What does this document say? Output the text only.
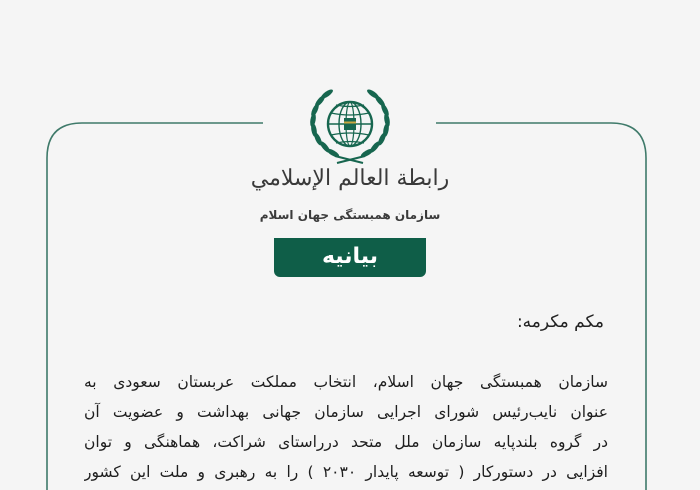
رابطة العالم الإسلامي
سازمان همبستگی جهان اسلام
بیانیه
مکم مکرمه:
سازمان همبستگی جهان اسلام، انتخاب مملکت عربستان سعودی به
عنوان نایب‌رئیس شورای اجرایی سازمان جهانی بهداشت و عضویت آن
در گروه بلندپایه سازمان ملل متحد درراستای شراکت، هماهنگی و توان
افزایی در دستورکار ( توسعه پایدار ۲۰۳۰ ) را به رهبری و ملت این کشور
